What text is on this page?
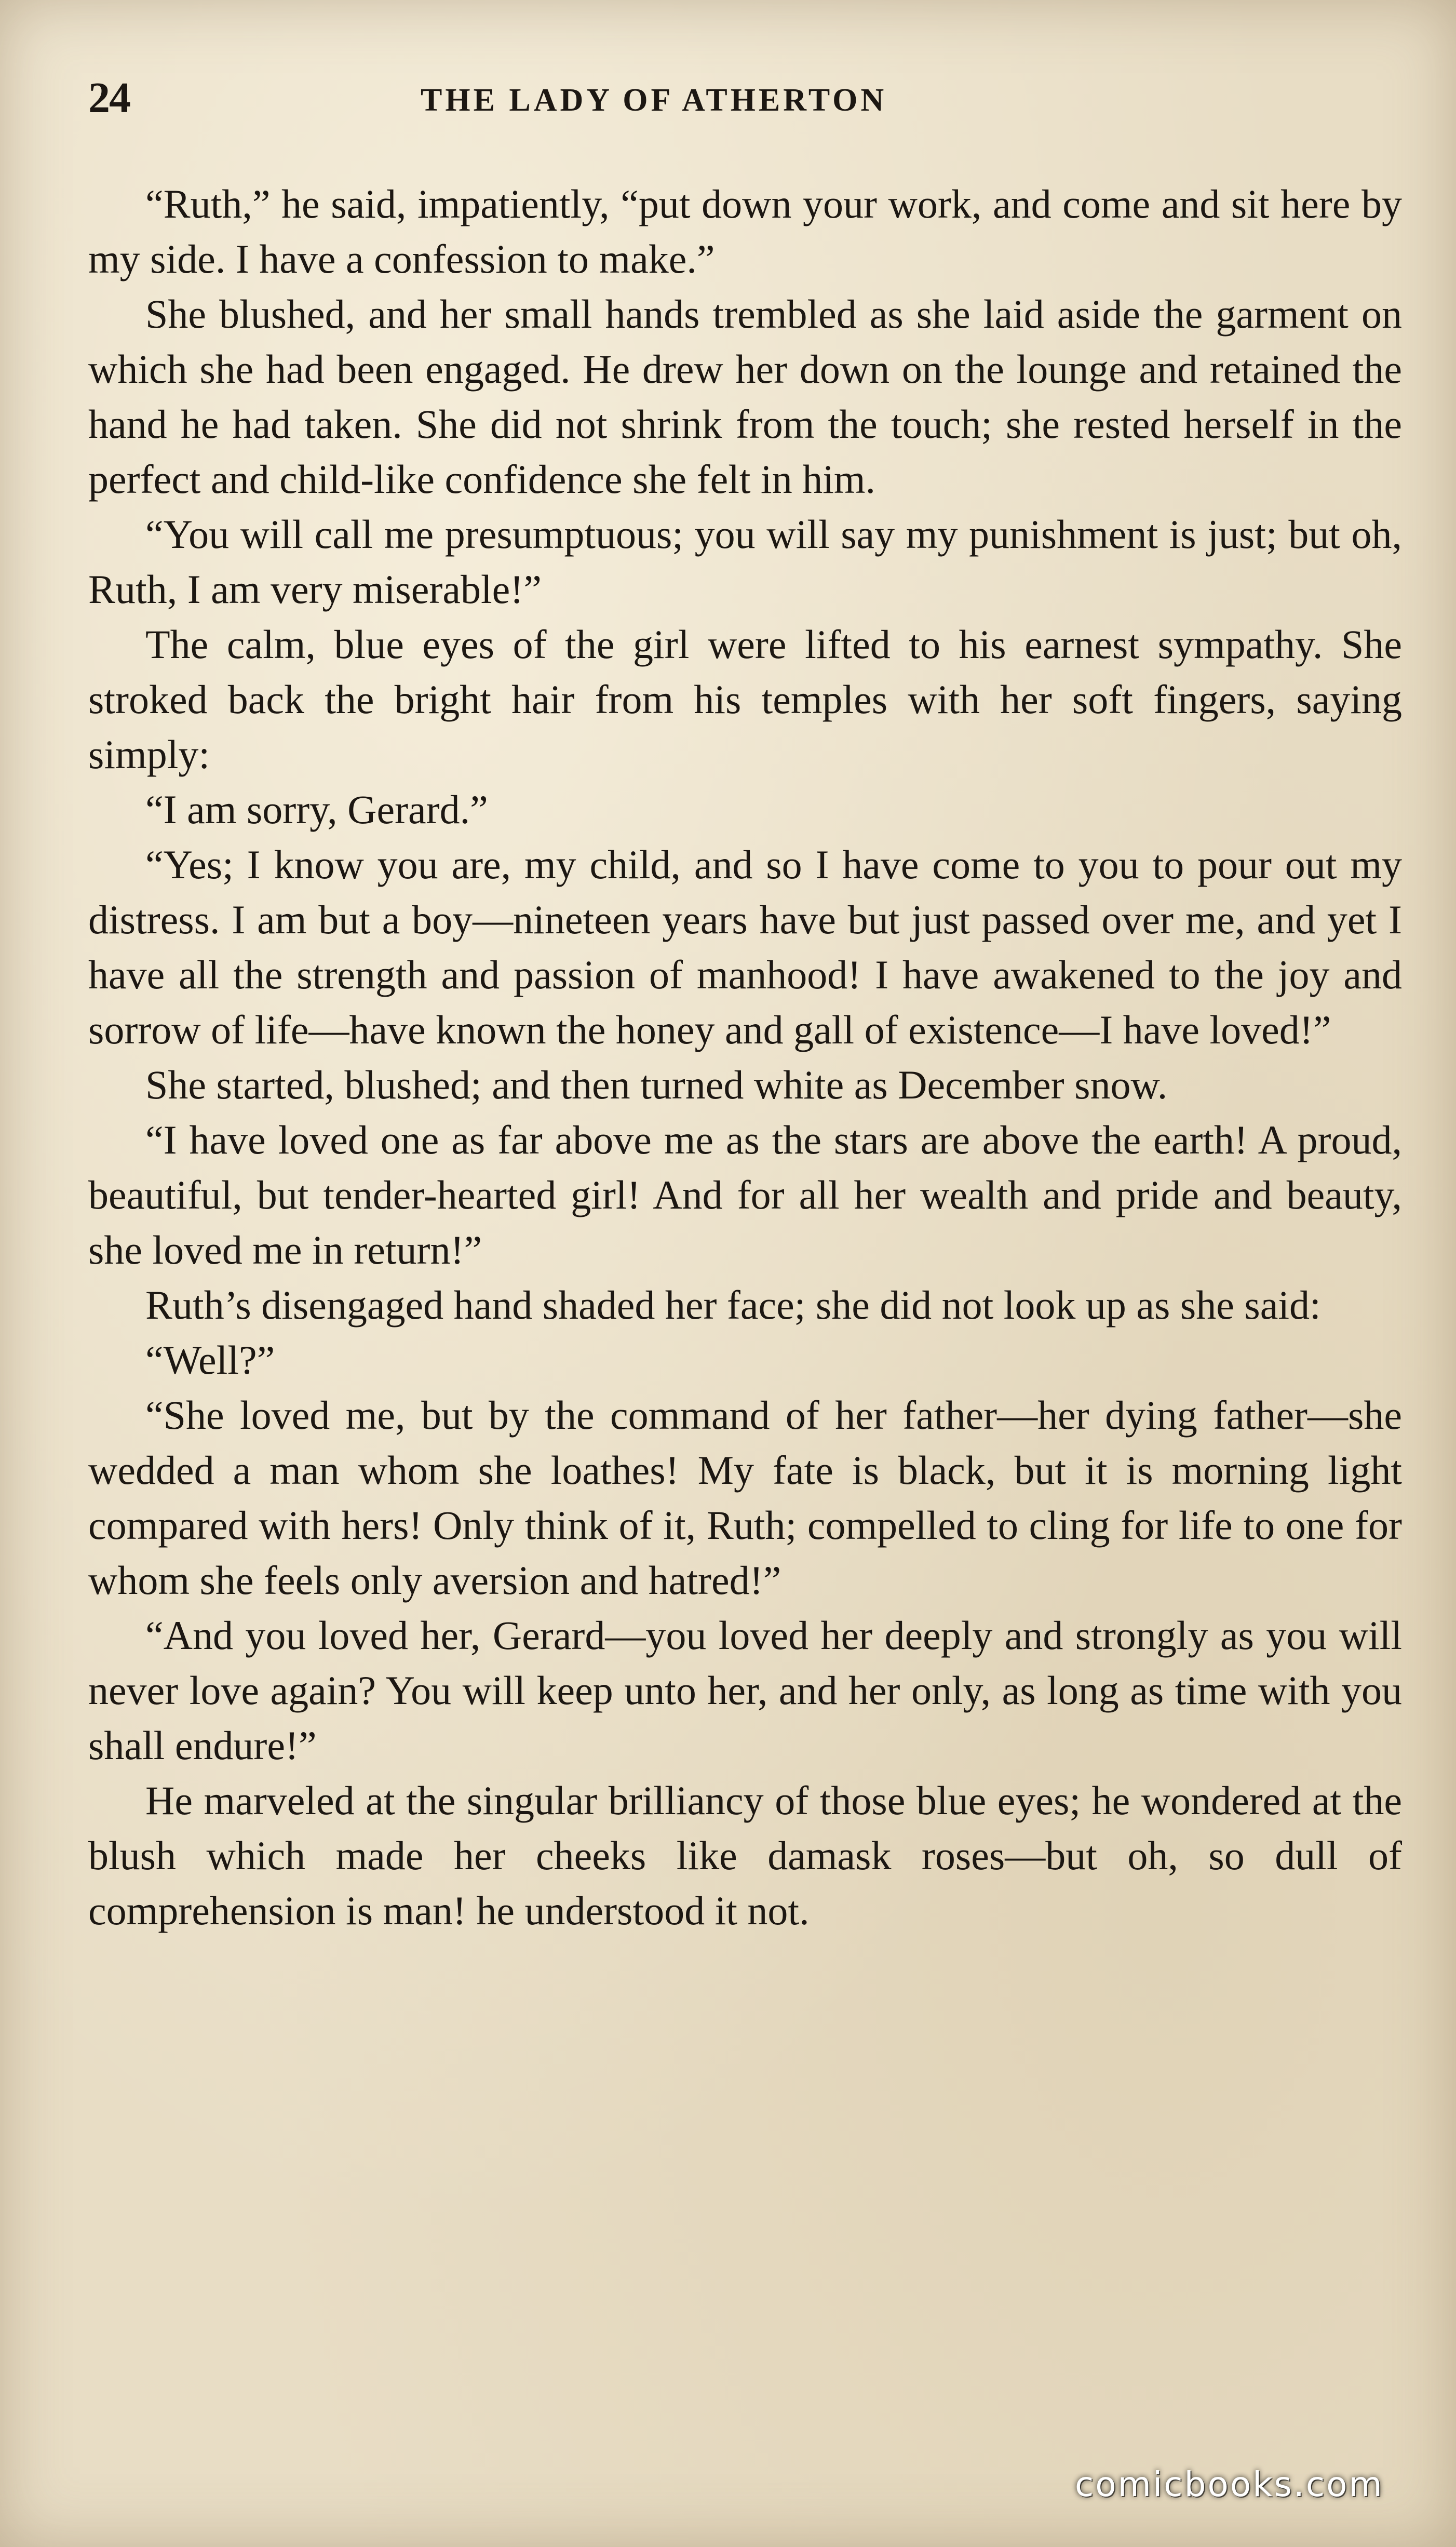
24	THE LADY OF ATHERTON

“Ruth,” he said, impatiently, “put down your work, and come and sit here by my side. I have a confession to make.”

She blushed, and her small hands trembled as she laid aside the garment on which she had been engaged. He drew her down on the lounge and retained the hand he had taken. She did not shrink from the touch; she rested herself in the perfect and child-like confidence she felt in him.

“You will call me presumptuous; you will say my punishment is just; but oh, Ruth, I am very miserable!”

The calm, blue eyes of the girl were lifted to his earnest sympathy. She stroked back the bright hair from his temples with her soft fingers, saying simply:

“I am sorry, Gerard.”

“Yes; I know you are, my child, and so I have come to you to pour out my distress. I am but a boy—nineteen years have but just passed over me, and yet I have all the strength and passion of manhood! I have awakened to the joy and sorrow of life—have known the honey and gall of existence—I have loved!”

She started, blushed; and then turned white as December snow.

“I have loved one as far above me as the stars are above the earth! A proud, beautiful, but tender-hearted girl! And for all her wealth and pride and beauty, she loved me in return!”

Ruth’s disengaged hand shaded her face; she did not look up as she said:

“Well?”

“She loved me, but by the command of her father—her dying father—she wedded a man whom she loathes! My fate is black, but it is morning light compared with hers! Only think of it, Ruth; compelled to cling for life to one for whom she feels only aversion and hatred!”

“And you loved her, Gerard—you loved her deeply and strongly as you will never love again? You will keep unto her, and her only, as long as time with you shall endure!”

He marveled at the singular brilliancy of those blue eyes; he wondered at the blush which made her cheeks like damask roses—but oh, so dull of comprehension is man! he understood it not.

comicbooks.com
